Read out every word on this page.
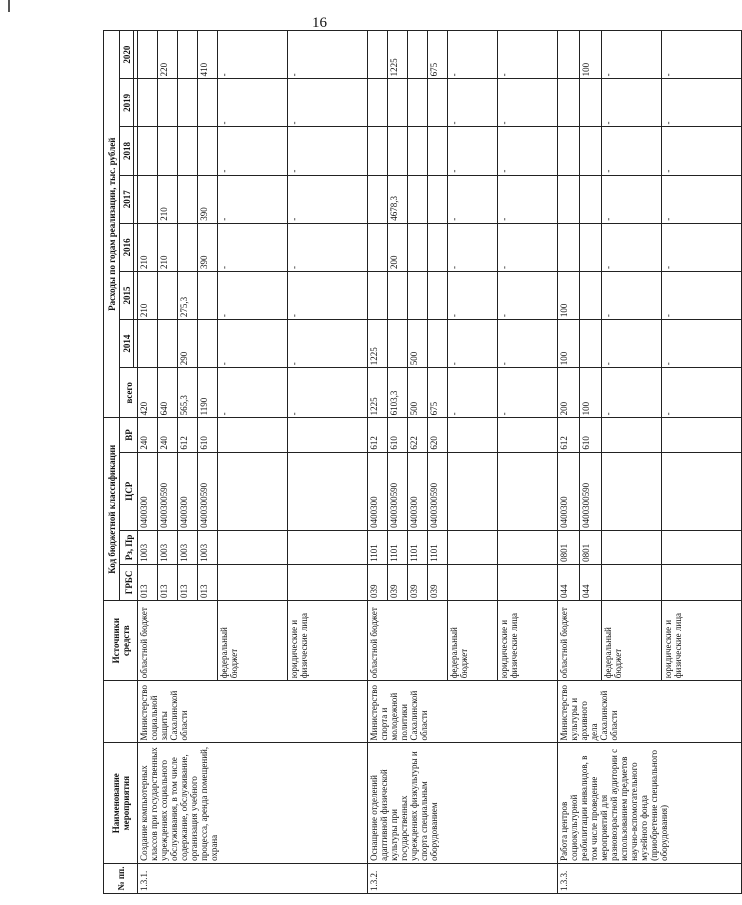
16
№ пп.	Наименование мероприятия		Источники средств	Код бюджетной классификации				Расходы по годам реализации, тыс. рублей							
				ГРБС	Рз, Пр	ЦСР	ВР	всего	2014	2015	2016	2017	2018	2019	2020

1.3.1.	Создание компьютерных классов при государственных учреждениях социального обслуживания, в том числе содержание, обслуживание, организация учебного процесса, аренда помещений, охрана	Министерство социальной защиты Сахалинской области	областной бюджет	013	1003	0400300	240	420		210	210				
				013	1003	0400300590	240	640			210	210			220
				013	1003	0400300	612	565,3	290	275,3					
				013	1003	0400300590	610	1190			390	390			410
			федеральный бюджет					-	-	-	-	-	-	-	-
			юридические и физические лица					-	-	-	-	-	-	-	-
1.3.2.	Оснащение отделений адаптивной физической культуры при государственных учреждениях физкультуры и спорта специальным оборудованием	Министерство спорта и молодежной политики Сахалинской области	областной бюджет	039	1101	0400300	612	1225	1225						
				039	1101	0400300590	610	6103,3			200	4678,3			1225
				039	1101	0400300	622	500	500						
				039	1101	0400300590	620	675							675
			федеральный бюджет					-	-	-	-	-	-	-	-
			юридические и физические лица					-	-	-	-	-	-	-	-
1.3.3.	Работа центров социокультурной реабилитации инвалидов, в том числе проведение мероприятий для разновозрастной аудитории с использованием предметов научно-вспомогательного музейного фонда (приобретение специального оборудования)	Министерство культуры и архивного дела Сахалинской области	областной бюджет	044	0801	0400300	612	200	100	100					
				044	0801	0400300590	610	100							100
			федеральный бюджет					-	-	-	-	-	-	-	-
			юридические и физические лица					-	-	-	-	-	-	-	-
